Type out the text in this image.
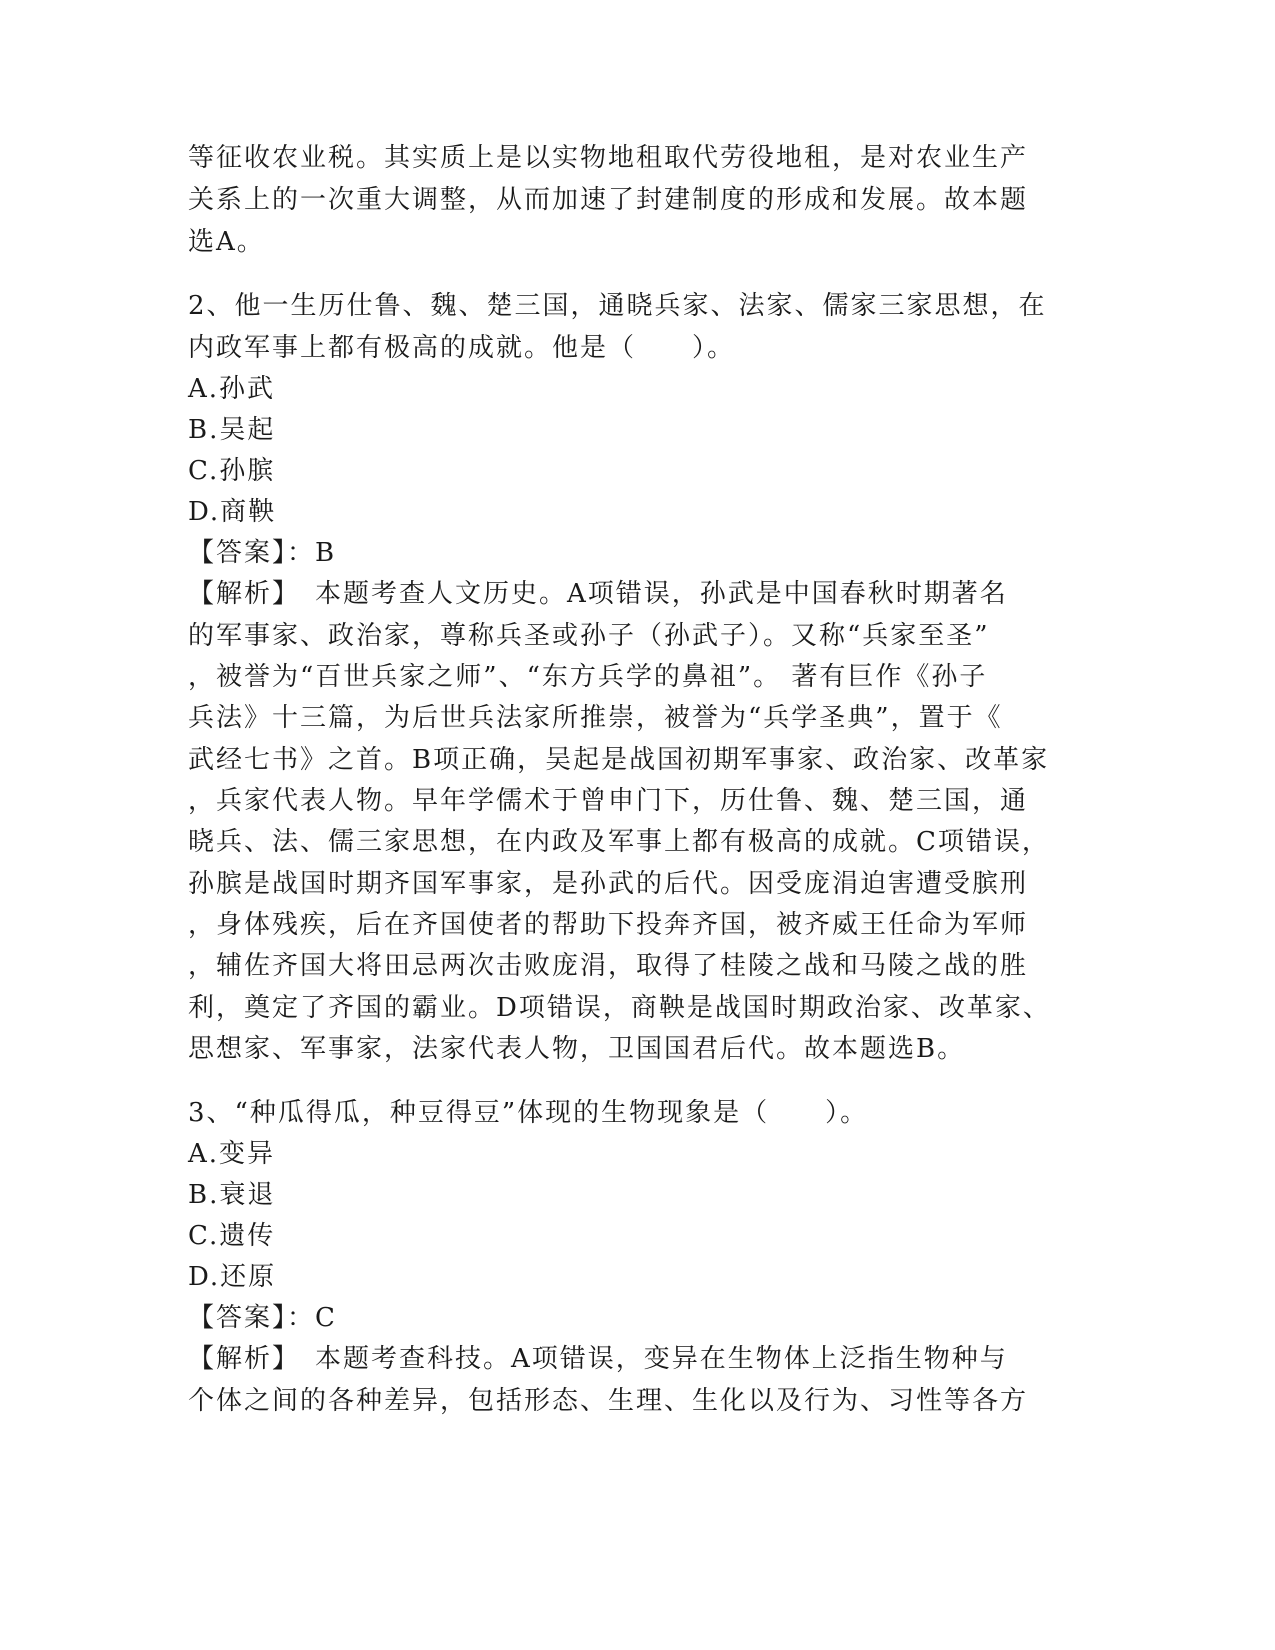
等征收农业税。其实质上是以实物地租取代劳役地租，是对农业生产
关系上的一次重大调整，从而加速了封建制度的形成和发展。故本题
选A。
2、他一生历仕鲁、魏、楚三国，通晓兵家、法家、儒家三家思想，在
内政军事上都有极高的成就。他是（　　）。
A.孙武
B.吴起
C.孙膑
D.商鞅
【答案】：B
【解析】　本题考查人文历史。A项错误，孙武是中国春秋时期著名
的军事家、政治家，尊称兵圣或孙子（孙武子）。又称“兵家至圣”
，被誉为“百世兵家之师”、“东方兵学的鼻祖”。 著有巨作《孙子
兵法》十三篇，为后世兵法家所推崇，被誉为“兵学圣典”，置于《
武经七书》之首。B项正确，吴起是战国初期军事家、政治家、改革家
，兵家代表人物。早年学儒术于曾申门下，历仕鲁、魏、楚三国，通
晓兵、法、儒三家思想，在内政及军事上都有极高的成就。C项错误，
孙膑是战国时期齐国军事家，是孙武的后代。因受庞涓迫害遭受膑刑
，身体残疾，后在齐国使者的帮助下投奔齐国，被齐威王任命为军师
，辅佐齐国大将田忌两次击败庞涓，取得了桂陵之战和马陵之战的胜
利，奠定了齐国的霸业。D项错误，商鞅是战国时期政治家、改革家、
思想家、军事家，法家代表人物，卫国国君后代。故本题选B。
3、“种瓜得瓜，种豆得豆”体现的生物现象是（　　）。
A.变异
B.衰退
C.遗传
D.还原
【答案】：C
【解析】　本题考查科技。A项错误，变异在生物体上泛指生物种与
个体之间的各种差异，包括形态、生理、生化以及行为、习性等各方
